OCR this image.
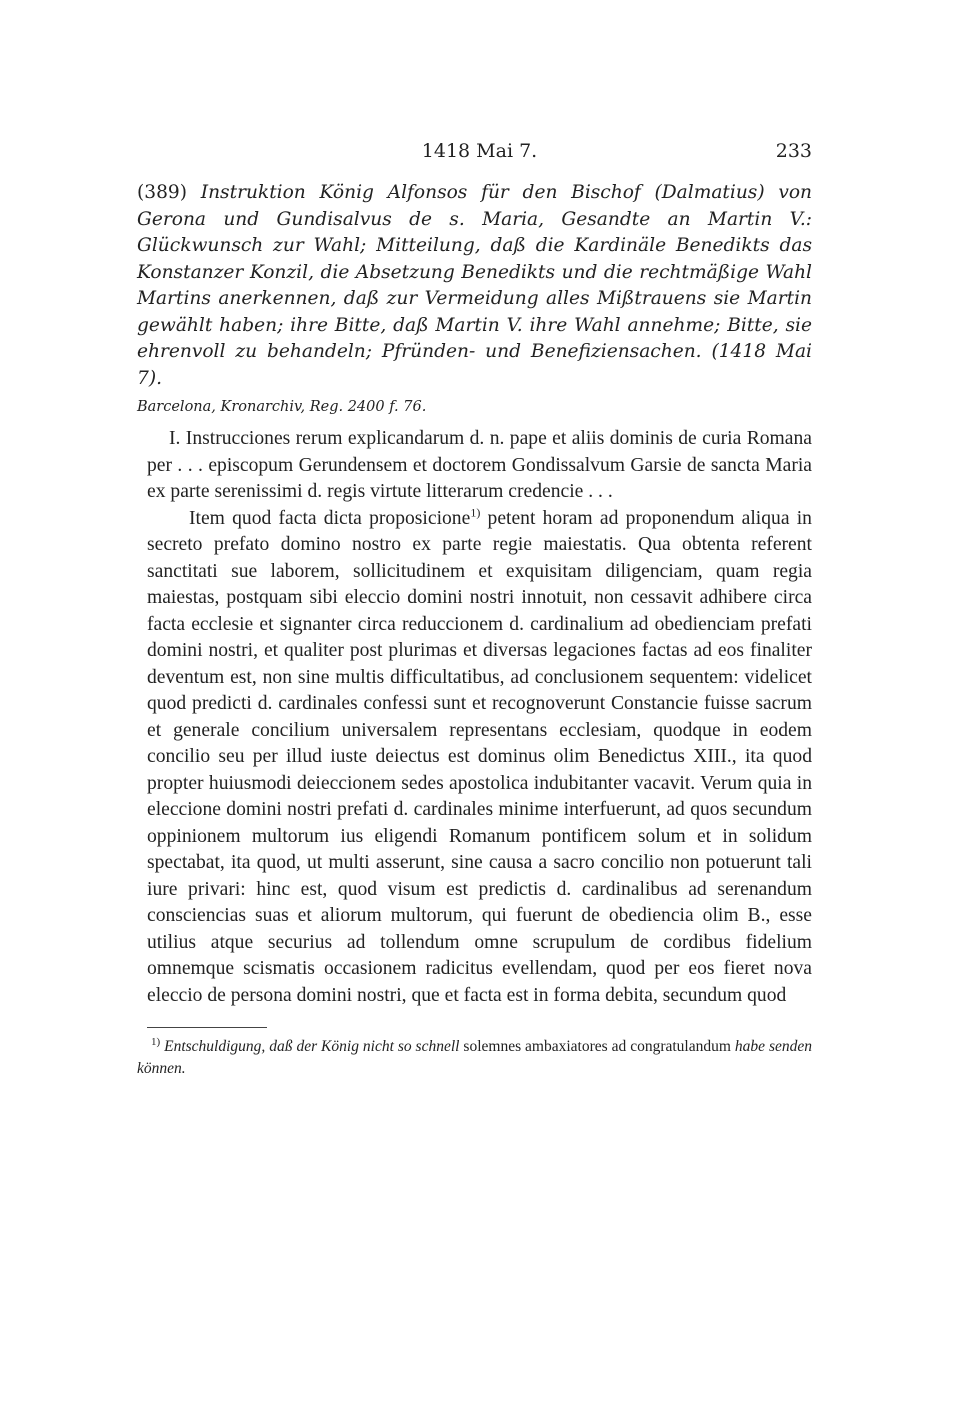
1418 Mai 7.	233
(389) Instruktion König Alfonsos für den Bischof (Dalmatius) von Gerona und Gundisalvus de s. Maria, Gesandte an Martin V.: Glückwunsch zur Wahl; Mitteilung, daß die Kardinäle Benedikts das Konstanzer Konzil, die Absetzung Benedikts und die rechtmäßige Wahl Martins anerkennen, daß zur Vermeidung alles Mißtrauens sie Martin gewählt haben; ihre Bitte, daß Martin V. ihre Wahl annehme; Bitte, sie ehrenvoll zu behandeln; Pfründen- und Benefiziensachen. (1418 Mai 7).
Barcelona, Kronarchiv, Reg. 2400 f. 76.

I. Instrucciones rerum explicandarum d. n. pape et aliis dominis de curia Romana per . . . episcopum Gerundensem et doctorem Gondissalvum Garsie de sancta Maria ex parte serenissimi d. regis virtute litterarum credencie . . .

Item quod facta dicta proposicione$^{1)}$ petent horam ad proponendum aliqua in secreto prefato domino nostro ex parte regie maiestatis. Qua obtenta referent sanctitati sue laborem, sollicitudinem et exquisitam diligenciam, quam regia maiestas, postquam sibi eleccio domini nostri innotuit, non cessavit adhibere circa facta ecclesie et signanter circa reduccionem d. cardinalium ad obedienciam prefati domini nostri, et qualiter post plurimas et diversas legaciones factas ad eos finaliter deventum est, non sine multis difficultatibus, ad conclusionem sequentem: videlicet quod predicti d. cardinales confessi sunt et recognoverunt Constancie fuisse sacrum et generale concilium universalem representans ecclesiam, quodque in eodem concilio seu per illud iuste deiectus est dominus olim Benedictus XIII., ita quod propter huiusmodi deieccionem sedes apostolica indubitanter vacavit. Verum quia in eleccione domini nostri prefati d. cardinales minime interfuerunt, ad quos secundum oppinionem multorum ius eligendi Romanum pontificem solum et in solidum spectabat, ita quod, ut multi asserunt, sine causa a sacro concilio non potuerunt tali iure privari: hinc est, quod visum est predictis d. cardinalibus ad serenandum consciencias suas et aliorum multorum, qui fuerunt de obediencia olim B., esse utilius atque securius ad tollendum omne scrupulum de cordibus fidelium omnemque scismatis occasionem radicitus evellendam, quod per eos fieret nova eleccio de persona domini nostri, que et facta est in forma debita, secundum quod

$^{1)}$ Entschuldigung, daß der König nicht so schnell solemnes ambaxiatores ad congratulandum habe senden können.
